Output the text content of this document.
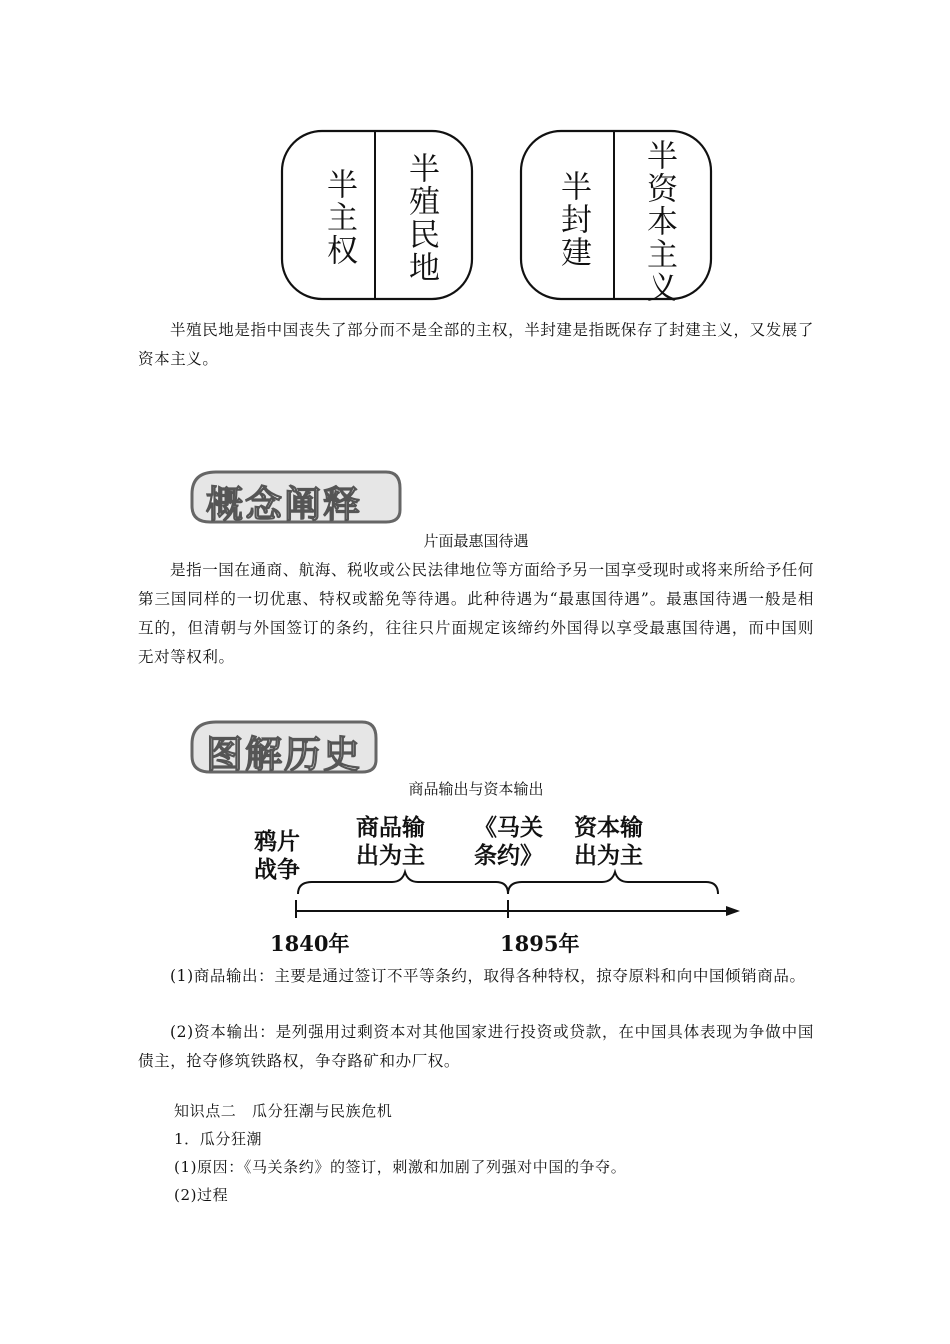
半主权 半殖民地	半封建 半资本主义
半殖民地是指中国丧失了部分而不是全部的主权，半封建是指既保存了封建主义，又发展了资本主义。
概念阐释
片面最惠国待遇
是指一国在通商、航海、税收或公民法律地位等方面给予另一国享受现时或将来所给予任何第三国同样的一切优惠、特权或豁免等待遇。此种待遇为“最惠国待遇”。最惠国待遇一般是相互的，但清朝与外国签订的条约，往往只片面规定该缔约外国得以享受最惠国待遇，而中国则无对等权利。
图解历史
商品输出与资本输出
鸦片战争
商品输出为主
《马关条约》
资本输出为主
1840年	1895年
(1)商品输出：主要是通过签订不平等条约，取得各种特权，掠夺原料和向中国倾销商品。
(2)资本输出：是列强用过剩资本对其他国家进行投资或贷款，在中国具体表现为争做中国债主，抢夺修筑铁路权，争夺路矿和办厂权。
知识点二　瓜分狂潮与民族危机
1．瓜分狂潮
(1)原因：《马关条约》的签订，刺激和加剧了列强对中国的争夺。
(2)过程
